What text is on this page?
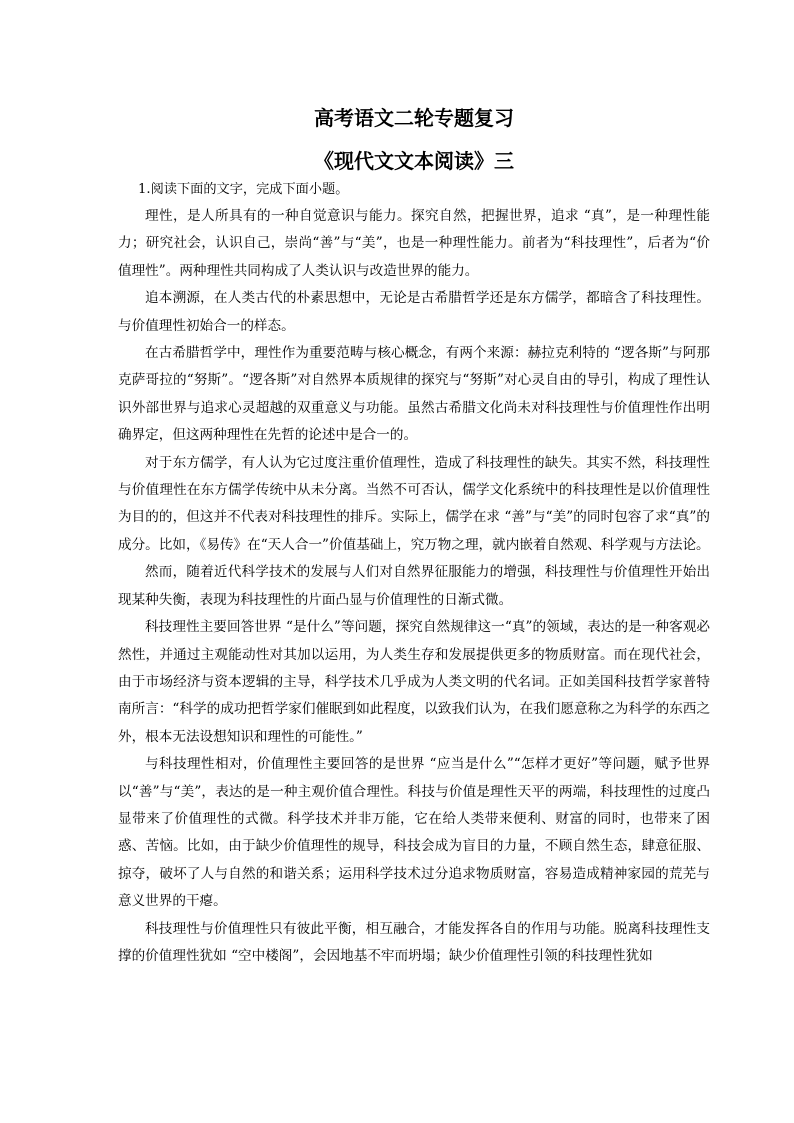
高考语文二轮专题复习
《现代文文本阅读》三

1.阅读下面的文字，完成下面小题。

理性，是人所具有的一种自觉意识与能力。探究自然，把握世界，追求 “真”，是一种理性能力；研究社会，认识自己，崇尚“善”与“美”，也是一种理性能力。前者为“科技理性”，后者为“价值理性”。两种理性共同构成了人类认识与改造世界的能力。

追本溯源，在人类古代的朴素思想中，无论是古希腊哲学还是东方儒学，都暗含了科技理性。与价值理性初始合一的样态。

在古希腊哲学中，理性作为重要范畴与核心概念，有两个来源：赫拉克利特的 “逻各斯”与阿那克萨哥拉的“努斯”。“逻各斯”对自然界本质规律的探究与“努斯”对心灵自由的导引，构成了理性认识外部世界与追求心灵超越的双重意义与功能。虽然古希腊文化尚未对科技理性与价值理性作出明确界定，但这两种理性在先哲的论述中是合一的。

对于东方儒学，有人认为它过度注重价值理性，造成了科技理性的缺失。其实不然，科技理性与价值理性在东方儒学传统中从未分离。当然不可否认，儒学文化系统中的科技理性是以价值理性为目的的，但这并不代表对科技理性的排斥。实际上，儒学在求 “善”与“美”的同时包容了求“真”的成分。比如，《易传》在“天人合一”价值基础上，究万物之理，就内嵌着自然观、科学观与方法论。

然而，随着近代科学技术的发展与人们对自然界征服能力的增强，科技理性与价值理性开始出现某种失衡，表现为科技理性的片面凸显与价值理性的日渐式微。

科技理性主要回答世界 “是什么”等问题，探究自然规律这一“真”的领域，表达的是一种客观必然性，并通过主观能动性对其加以运用，为人类生存和发展提供更多的物质财富。而在现代社会，由于市场经济与资本逻辑的主导，科学技术几乎成为人类文明的代名词。正如美国科技哲学家普特南所言：“科学的成功把哲学家们催眠到如此程度，以致我们认为，在我们愿意称之为科学的东西之外，根本无法设想知识和理性的可能性。”

与科技理性相对，价值理性主要回答的是世界 “应当是什么”“怎样才更好”等问题，赋予世界以“善”与“美”，表达的是一种主观价值合理性。科技与价值是理性天平的两端，科技理性的过度凸显带来了价值理性的式微。科学技术并非万能，它在给人类带来便利、财富的同时，也带来了困惑、苦恼。比如，由于缺少价值理性的规导，科技会成为盲目的力量，不顾自然生态，肆意征服、掠夺，破坏了人与自然的和谐关系；运用科学技术过分追求物质财富，容易造成精神家园的荒芜与意义世界的干瘪。

科技理性与价值理性只有彼此平衡，相互融合，才能发挥各自的作用与功能。脱离科技理性支撑的价值理性犹如 “空中楼阁”，会因地基不牢而坍塌；缺少价值理性引领的科技理性犹如
